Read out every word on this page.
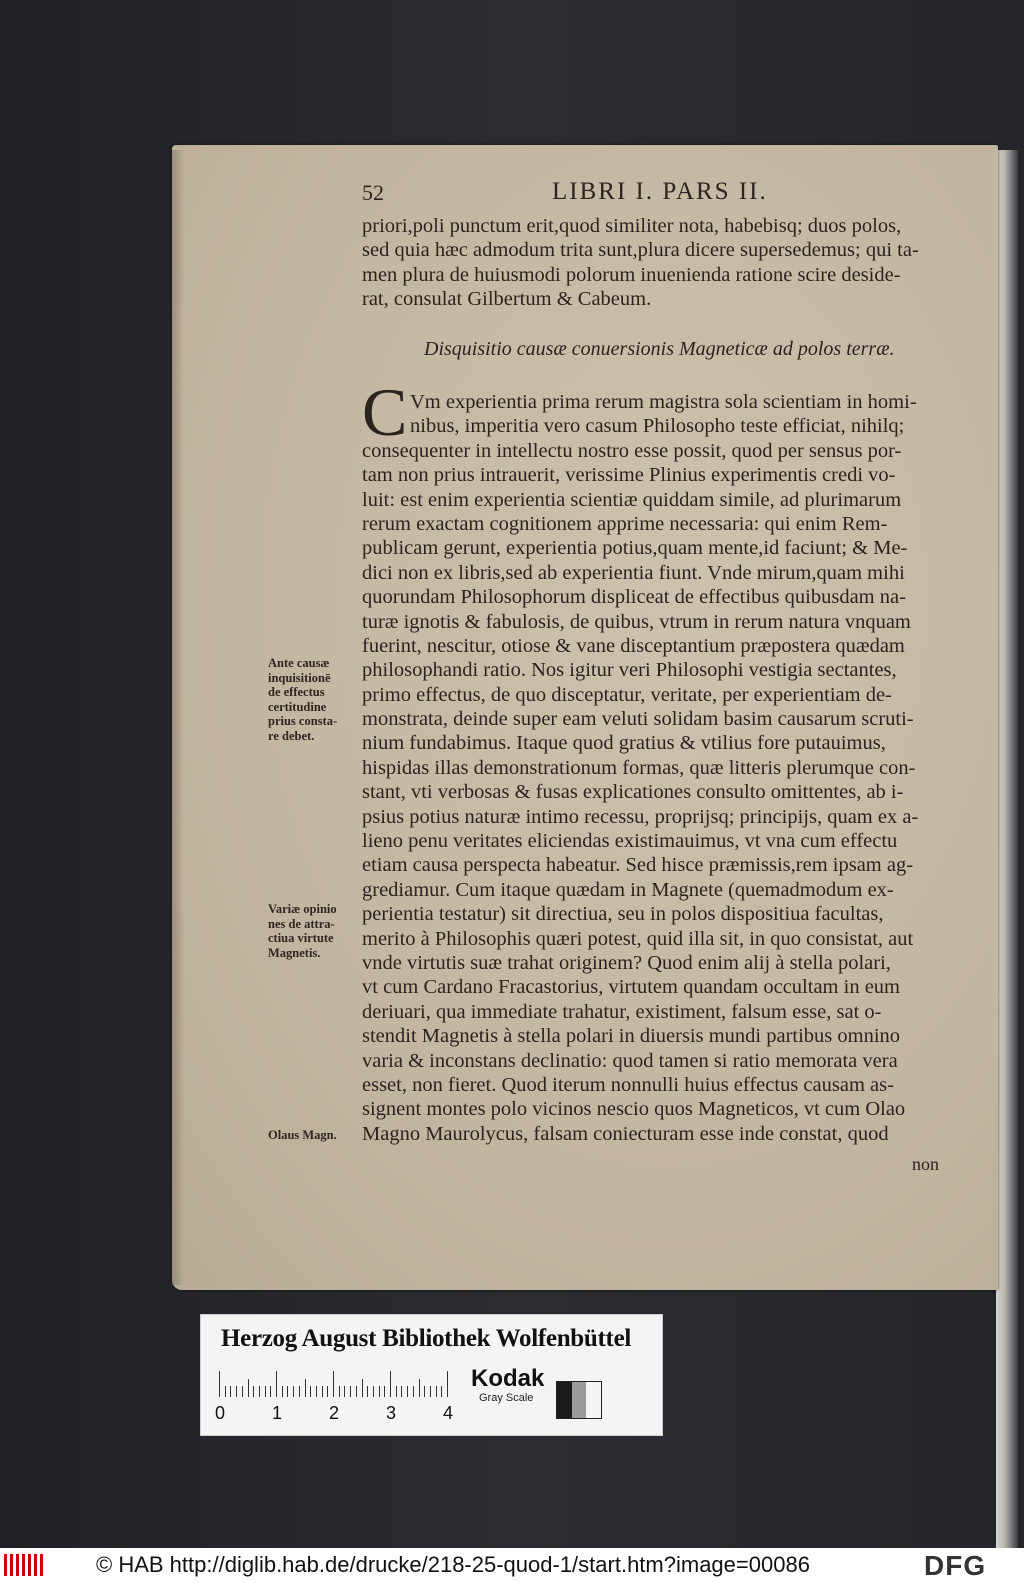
52	LIBRI I. PARS II.
priori,poli punctum erit,quod similiter nota, habebisq; duos polos,
sed quia hæc admodum trita sunt,plura dicere supersedemus; qui ta-
men plura de huiusmodi polorum inuenienda ratione scire deside-
rat, consulat Gilbertum & Cabeum.
Disquisitio causæ conuersionis Magneticæ ad polos terræ.
C Vm experientia prima rerum magistra sola scientiam in homi-
nibus, imperitia vero casum Philosopho teste efficiat, nihilq;
consequenter in intellectu nostro esse possit, quod per sensus por-
tam non prius intrauerit, verissime Plinius experimentis credi vo-
luit: est enim experientia scientiæ quiddam simile, ad plurimarum
rerum exactam cognitionem apprime necessaria: qui enim Rem-
publicam gerunt, experientia potius,quam mente,id faciunt; & Me-
dici non ex libris,sed ab experientia fiunt. Vnde mirum,quam mihi
quorundam Philosophorum displiceat de effectibus quibusdam na-
turæ ignotis & fabulosis, de quibus, vtrum in rerum natura vnquam
fuerint, nescitur, otiose & vane disceptantium præpostera quædam
philosophandi ratio. Nos igitur veri Philosophi vestigia sectantes,
primo effectus, de quo disceptatur, veritate, per experientiam de-
monstrata, deinde super eam veluti solidam basim causarum scruti-
nium fundabimus. Itaque quod gratius & vtilius fore putauimus,
hispidas illas demonstrationum formas, quæ litteris plerumque con-
stant, vti verbosas & fusas explicationes consulto omittentes, ab i-
psius potius naturæ intimo recessu, proprijsq; principijs, quam ex a-
lieno penu veritates eliciendas existimauimus, vt vna cum effectu
etiam causa perspecta habeatur. Sed hisce præmissis,rem ipsam ag-
grediamur. Cum itaque quædam in Magnete (quemadmodum ex-
perientia testatur) sit directiua, seu in polos dispositiua facultas,
merito à Philosophis quæri potest, quid illa sit, in quo consistat, aut
vnde virtutis suæ trahat originem? Quod enim alij à stella polari,
vt cum Cardano Fracastorius, virtutem quandam occultam in eum
deriuari, qua immediate trahatur, existiment, falsum esse, sat o-
stendit Magnetis à stella polari in diuersis mundi partibus omnino
varia & inconstans declinatio: quod tamen si ratio memorata vera
esset, non fieret. Quod iterum nonnulli huius effectus causam as-
signent montes polo vicinos nescio quos Magneticos, vt cum Olao
Magno Maurolycus, falsam coniecturam esse inde constat, quod
non
Ante causæ
inquisitionē
de effectus
certitudine
prius consta-
re debet.
Variæ opinio
nes de attra-
ctiua virtute
Magnetis.
Olaus Magn.
Herzog August Bibliothek Wolfenbüttel
0	1	2	3	4
Kodak
Gray Scale
© HAB http://diglib.hab.de/drucke/218-25-quod-1/start.htm?image=00086	DFG
